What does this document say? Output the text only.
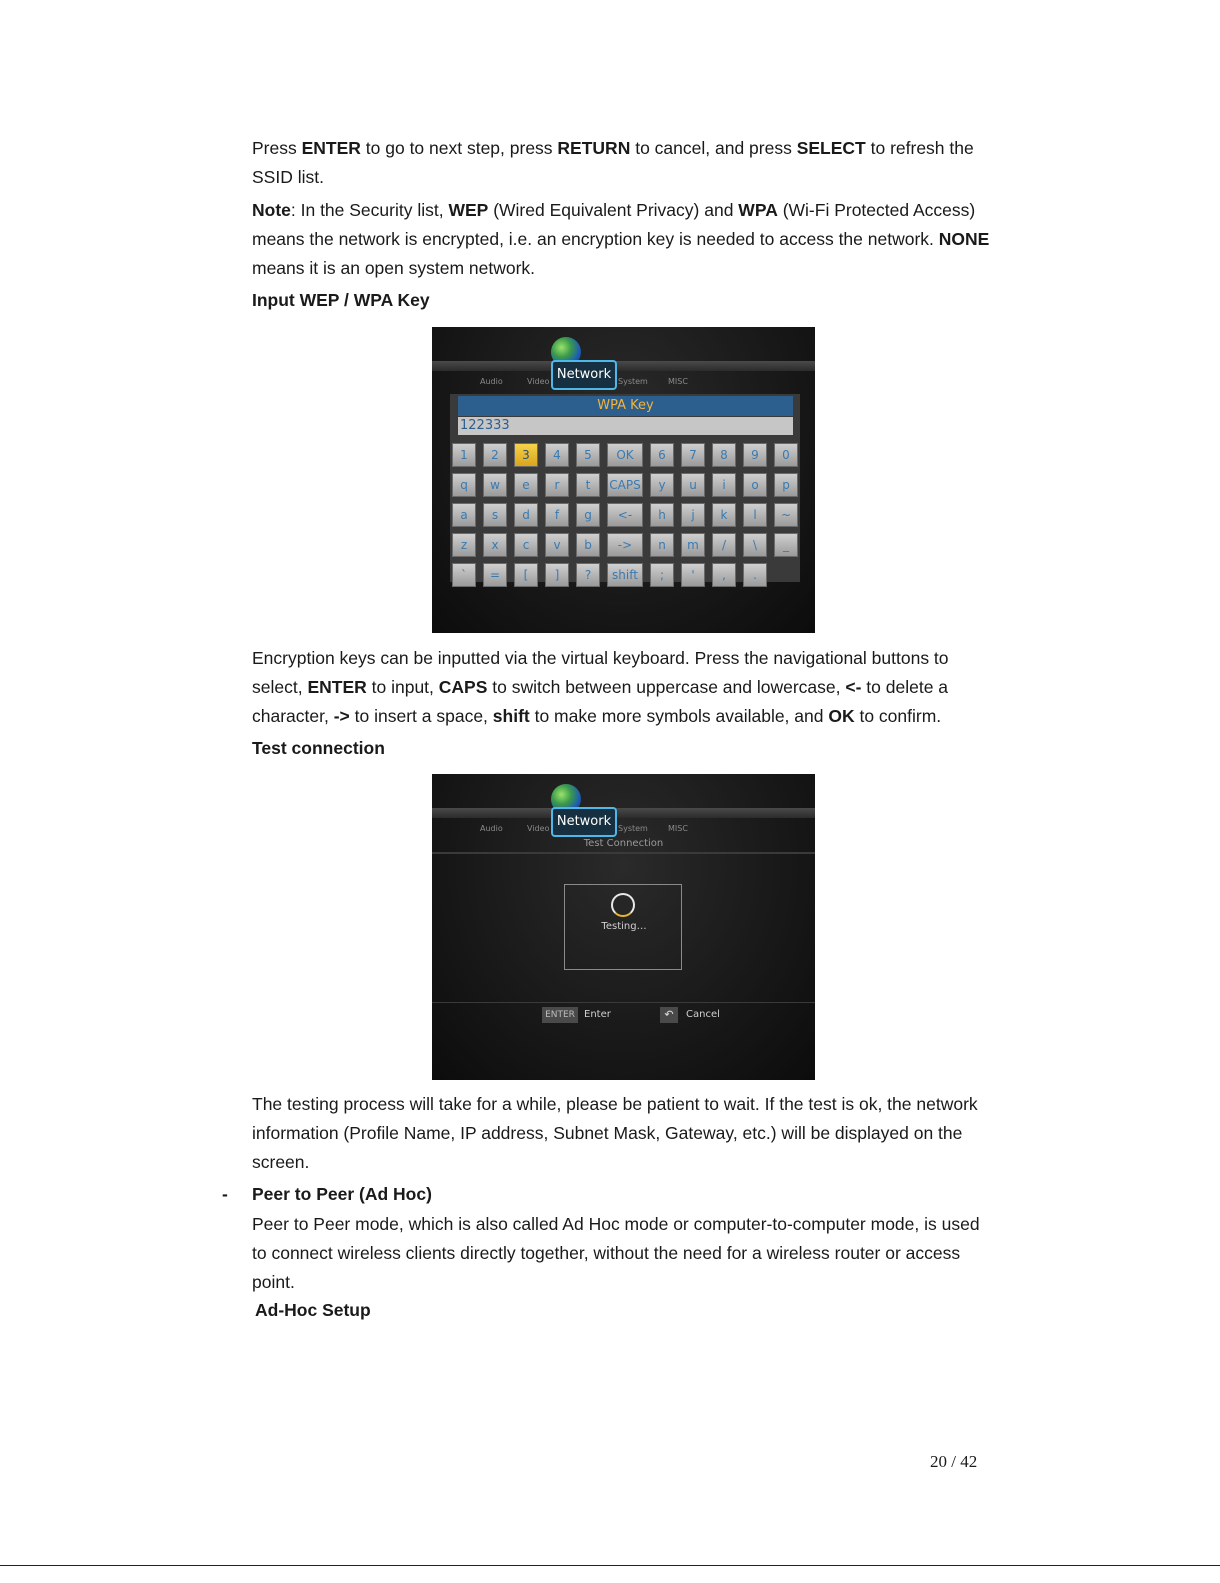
Press ENTER to go to next step, press RETURN to cancel, and press SELECT to refresh the SSID list.
Note: In the Security list, WEP (Wired Equivalent Privacy) and WPA (Wi-Fi Protected Access) means the network is encrypted, i.e. an encryption key is needed to access the network. NONE means it is an open system network.
Input WEP / WPA Key
Audio	Video	System	MISC
Network
WPA Key
122333
1	2	3	4	5	OK	6	7	8	9	0
q	w	e	r	t	CAPS	y	u	i	o	p
a	s	d	f	g	<-	h	j	k	l	~
z	x	c	v	b	->	n	m	/	\	_
`	=	[	]	?	shift	;	'	,	.
Encryption keys can be inputted via the virtual keyboard. Press the navigational buttons to select, ENTER to input, CAPS to switch between uppercase and lowercase, <- to delete a character, -> to insert a space, shift to make more symbols available, and OK to confirm.
Test connection
Audio	Video	System	MISC
Network
Test Connection
Testing…
ENTER Enter	↶	Cancel
The testing process will take for a while, please be patient to wait. If the test is ok, the network information (Profile Name, IP address, Subnet Mask, Gateway, etc.) will be displayed on the screen.
- Peer to Peer (Ad Hoc)
Peer to Peer mode, which is also called Ad Hoc mode or computer-to-computer mode, is used to connect wireless clients directly together, without the need for a wireless router or access point.
Ad-Hoc Setup
20 / 42
